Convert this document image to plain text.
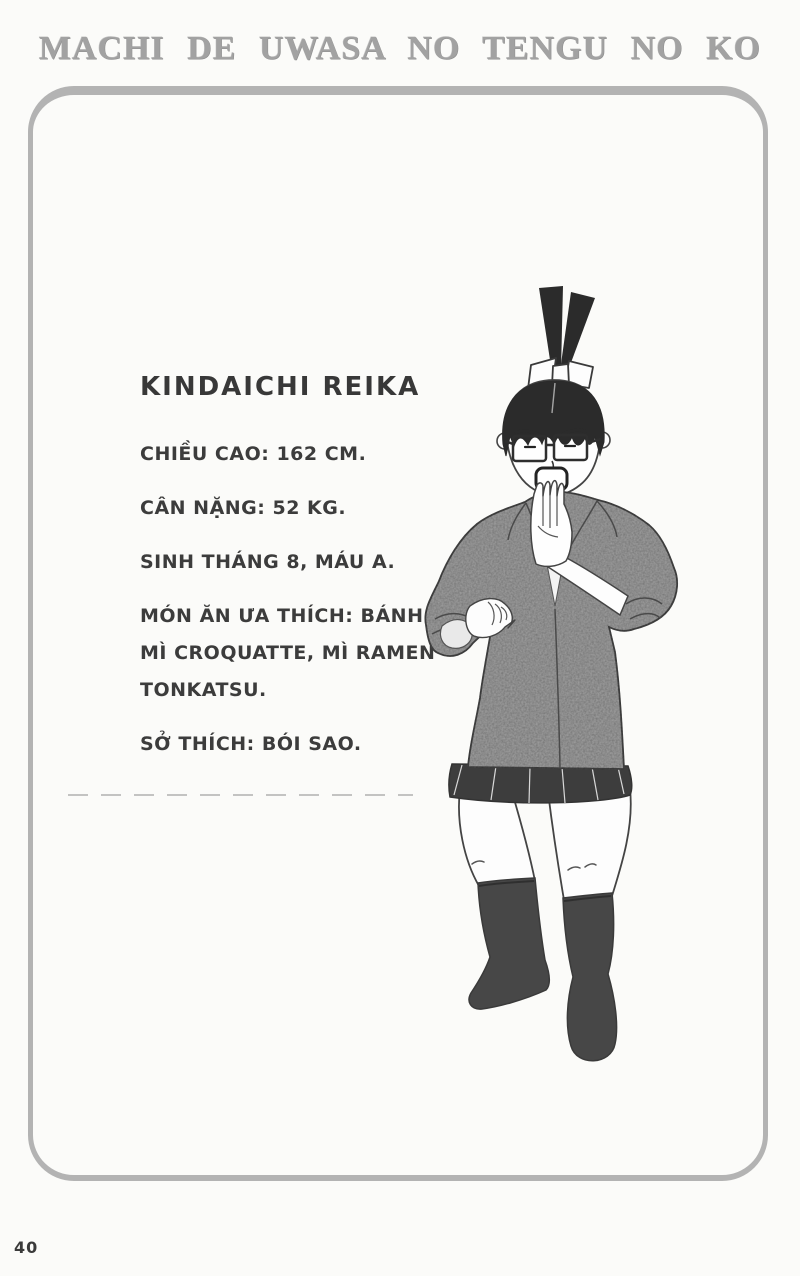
MACHI DE UWASA NO TENGU NO KO
KINDAICHI REIKA

CHIỀU CAO: 162 CM.

CÂN NẶNG: 52 KG.

SINH THÁNG 8, MÁU A.

MÓN ĂN ƯA THÍCH: BÁNH MÌ CROQUATTE, MÌ RAMEN TONKATSU.

SỞ THÍCH: BÓI SAO.

40
